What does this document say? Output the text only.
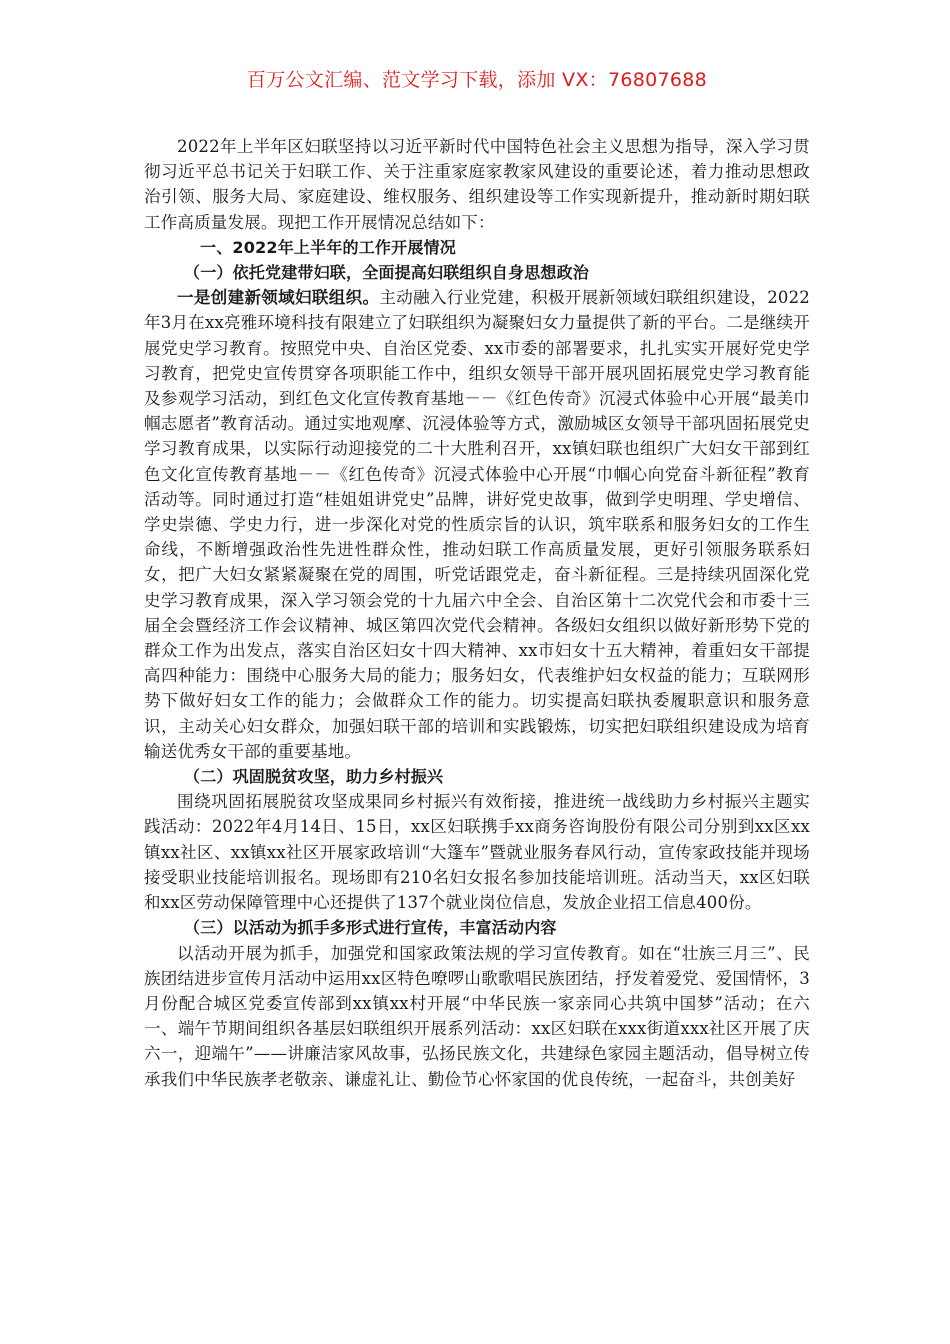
百万公文汇编、范文学习下载，添加 VX：76807688

2022年上半年区妇联坚持以习近平新时代中国特色社会主义思想为指导，深入学习贯彻习近平总书记关于妇联工作、关于注重家庭家教家风建设的重要论述，着力推动思想政治引领、服务大局、家庭建设、维权服务、组织建设等工作实现新提升，推动新时期妇联工作高质量发展。现把工作开展情况总结如下：

一、2022年上半年的工作开展情况
（一）依托党建带妇联，全面提高妇联组织自身思想政治

一是创建新领域妇联组织。主动融入行业党建，积极开展新领域妇联组织建设，2022年3月在xx亮雅环境科技有限建立了妇联组织为凝聚妇女力量提供了新的平台。二是继续开展党史学习教育。按照党中央、自治区党委、xx市委的部署要求，扎扎实实开展好党史学习教育，把党史宣传贯穿各项职能工作中，组织女领导干部开展巩固拓展党史学习教育能及参观学习活动，到红色文化宣传教育基地－－《红色传奇》沉浸式体验中心开展“最美巾帼志愿者”教育活动。通过实地观摩、沉浸体验等方式，激励城区女领导干部巩固拓展党史学习教育成果，以实际行动迎接党的二十大胜利召开，xx镇妇联也组织广大妇女干部到红色文化宣传教育基地－－《红色传奇》沉浸式体验中心开展“巾帼心向党奋斗新征程”教育活动等。同时通过打造“桂姐姐讲党史”品牌，讲好党史故事，做到学史明理、学史增信、学史崇德、学史力行，进一步深化对党的性质宗旨的认识，筑牢联系和服务妇女的工作生命线，不断增强政治性先进性群众性，推动妇联工作高质量发展，更好引领服务联系妇女，把广大妇女紧紧凝聚在党的周围，听党话跟党走，奋斗新征程。三是持续巩固深化党史学习教育成果，深入学习领会党的十九届六中全会、自治区第十二次党代会和市委十三届全会暨经济工作会议精神、城区第四次党代会精神。各级妇女组织以做好新形势下党的群众工作为出发点，落实自治区妇女十四大精神、xx市妇女十五大精神，着重妇女干部提高四种能力：围绕中心服务大局的能力；服务妇女，代表维护妇女权益的能力；互联网形势下做好妇女工作的能力；会做群众工作的能力。切实提高妇联执委履职意识和服务意识，主动关心妇女群众，加强妇联干部的培训和实践锻炼，切实把妇联组织建设成为培育输送优秀女干部的重要基地。

（二）巩固脱贫攻坚，助力乡村振兴

围绕巩固拓展脱贫攻坚成果同乡村振兴有效衔接，推进统一战线助力乡村振兴主题实践活动：2022年4月14日、15日，xx区妇联携手xx商务咨询股份有限公司分别到xx区xx镇xx社区、xx镇xx社区开展家政培训“大篷车”暨就业服务春风行动，宣传家政技能并现场接受职业技能培训报名。现场即有210名妇女报名参加技能培训班。活动当天，xx区妇联和xx区劳动保障管理中心还提供了137个就业岗位信息，发放企业招工信息400份。

（三）以活动为抓手多形式进行宣传，丰富活动内容

以活动开展为抓手，加强党和国家政策法规的学习宣传教育。如在“壮族三月三”、民族团结进步宣传月活动中运用xx区特色嘹啰山歌歌唱民族团结，抒发着爱党、爱国情怀，3月份配合城区党委宣传部到xx镇xx村开展“中华民族一家亲同心共筑中国梦”活动；在六一、端午节期间组织各基层妇联组织开展系列活动：xx区妇联在xxx街道xxx社区开展了庆六一，迎端午”——讲廉洁家风故事，弘扬民族文化，共建绿色家园主题活动，倡导树立传承我们中华民族孝老敬亲、谦虚礼让、勤俭节心怀家国的优良传统，一起奋斗，共创美好
